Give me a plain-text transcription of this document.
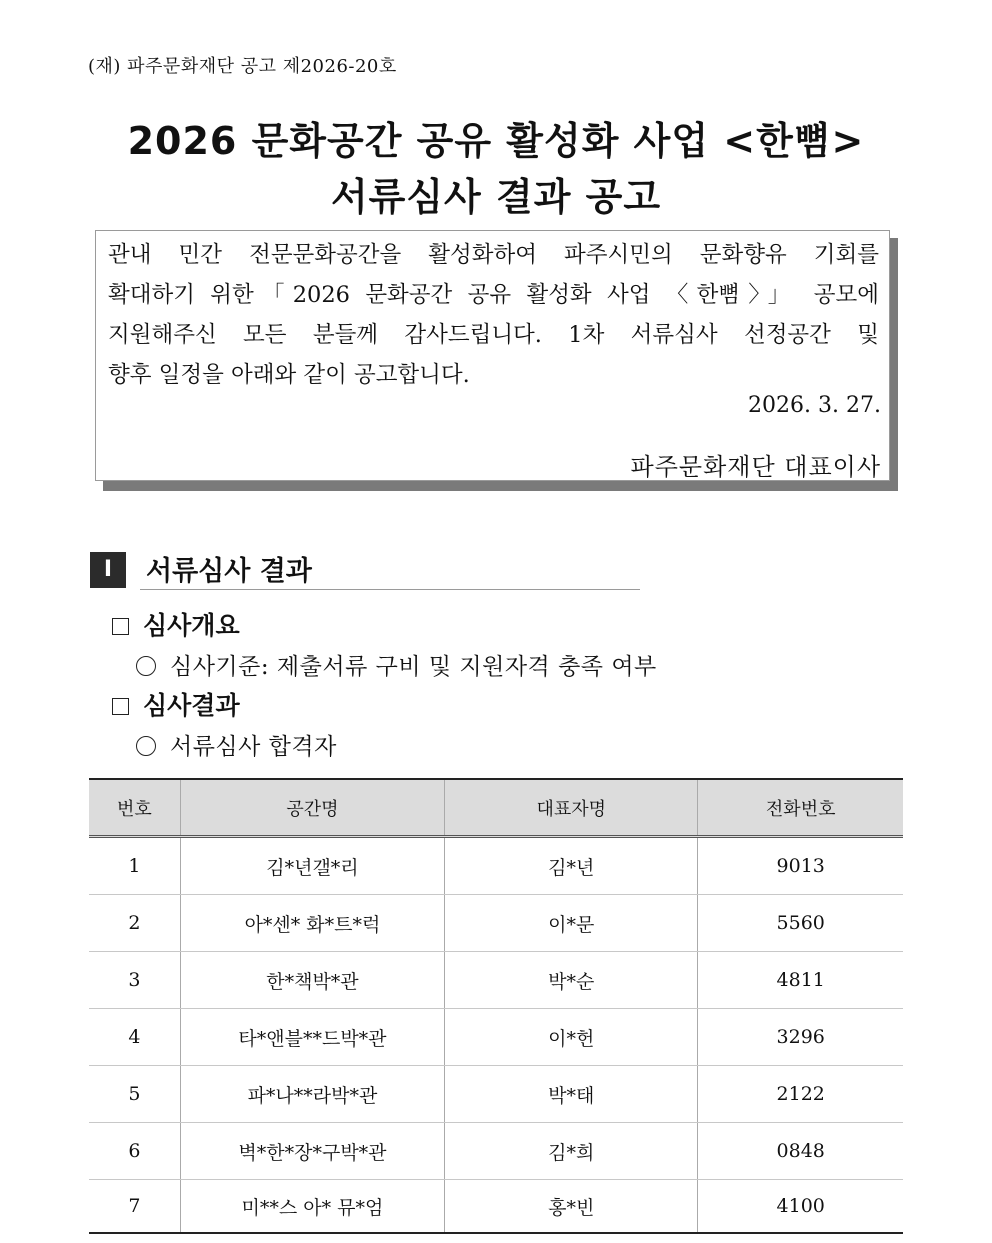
(재) 파주문화재단 공고 제2026-20호
2026 문화공간 공유 활성화 사업 <한뼘>
서류심사 결과 공고
관내 민간 전문문화공간을 활성화하여 파주시민의 문화향유 기회를
확대하기 위한「2026 문화공간 공유 활성화 사업 〈한뼘〉」 공모에
지원해주신 모든 분들께 감사드립니다. 1차 서류심사 선정공간 및
향후 일정을 아래와 같이 공고합니다.
2026. 3. 27.
파주문화재단 대표이사
Ⅰ	서류심사 결과
심사개요
심사기준: 제출서류 구비 및 지원자격 충족 여부
심사결과
서류심사 합격자
번호	공간명	대표자명	전화번호
1	김*년갤*리	김*년	9013
2	아*센* 화*트*럭	이*문	5560
3	한*책박*관	박*순	4811
4	타*앤블**드박*관	이*헌	3296
5	파*나**라박*관	박*태	2122
6	벽*한*장*구박*관	김*희	0848
7	미**스 아* 뮤*엄	홍*빈	4100
